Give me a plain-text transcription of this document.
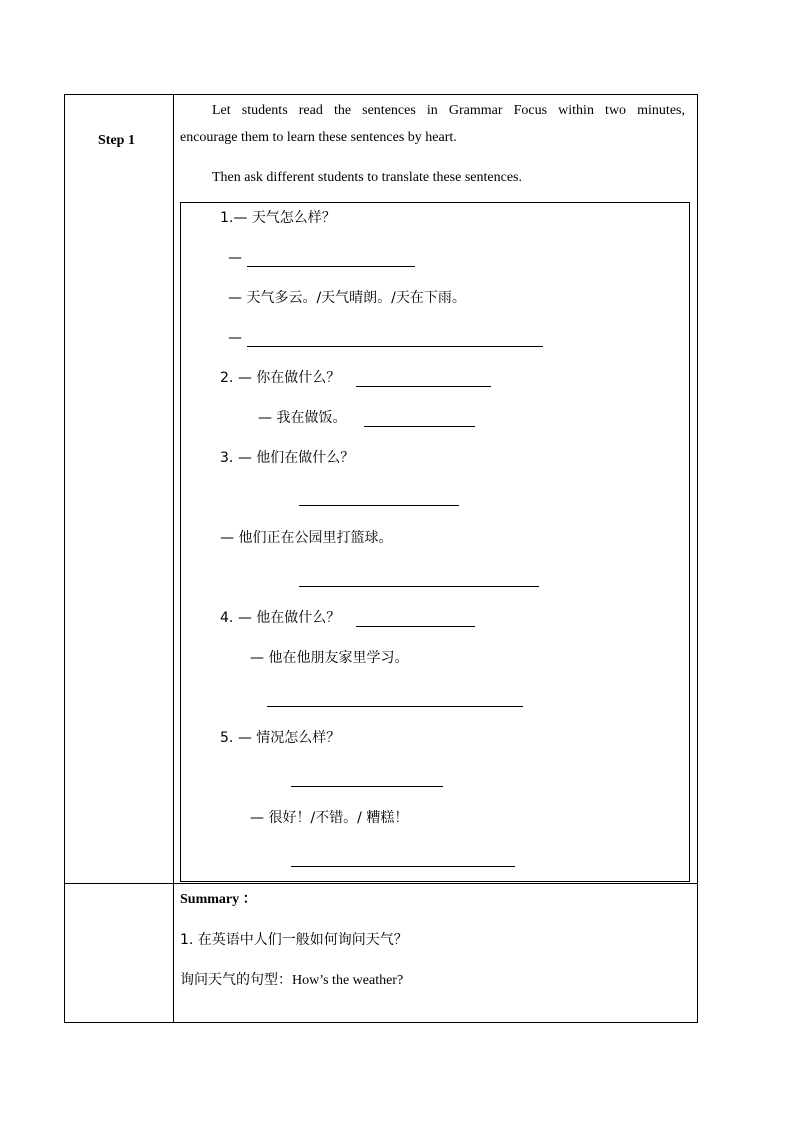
Step 1
Let students read the sentences in Grammar Focus within two minutes,
encourage them to learn these sentences by heart.
Then ask different students to translate these sentences.
1.— 天气怎么样？
—
— 天气多云。/天气晴朗。/天在下雨。
—
2. — 你在做什么？
— 我在做饭。
3. — 他们在做什么？
— 他们正在公园里打篮球。
4. — 他在做什么？
— 他在他朋友家里学习。
5. — 情况怎么样？
— 很好！/不错。/ 糟糕！
Summary ：
1. 在英语中人们一般如何询问天气？
询问天气的句型：How’s the weather?
